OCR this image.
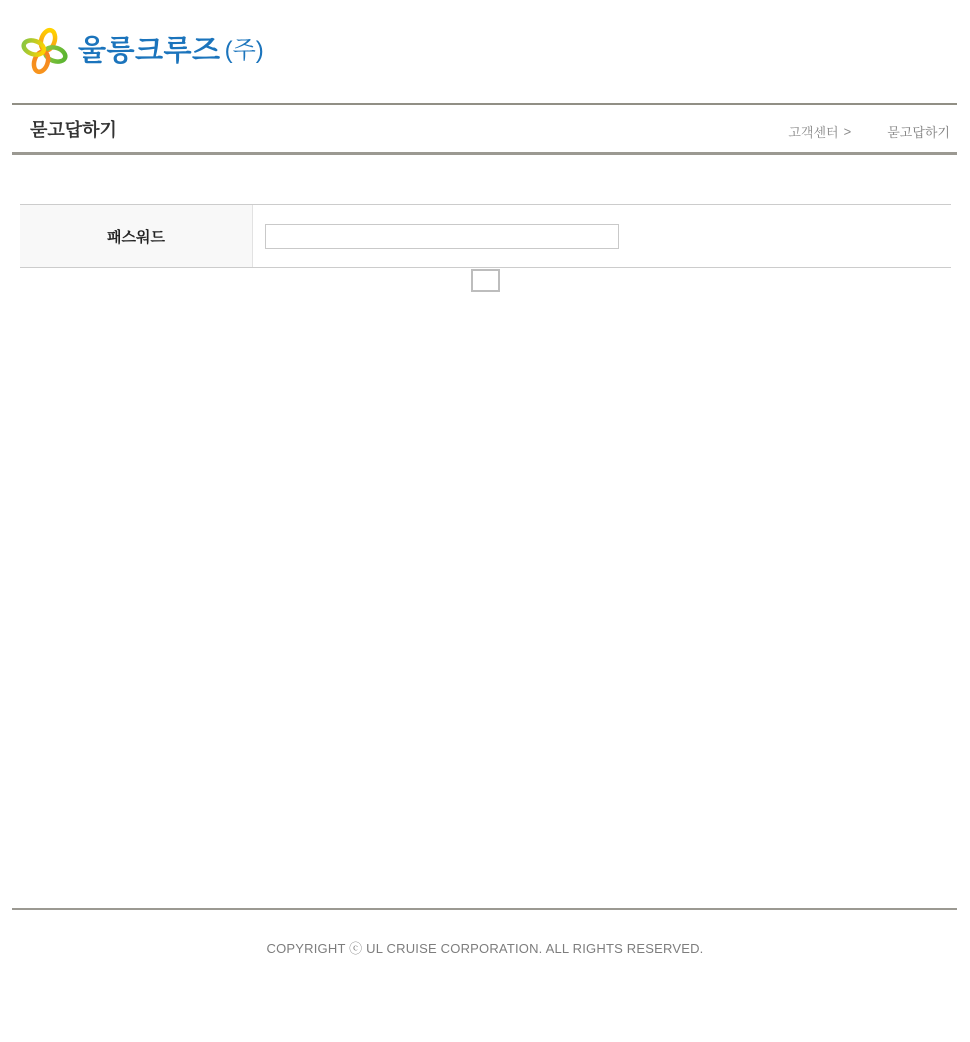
울릉크루즈 (주)
묻고답하기	고객센터 >	묻고답하기
패스워드
COPYRIGHT ⓒ UL CRUISE CORPORATION. ALL RIGHTS RESERVED.
